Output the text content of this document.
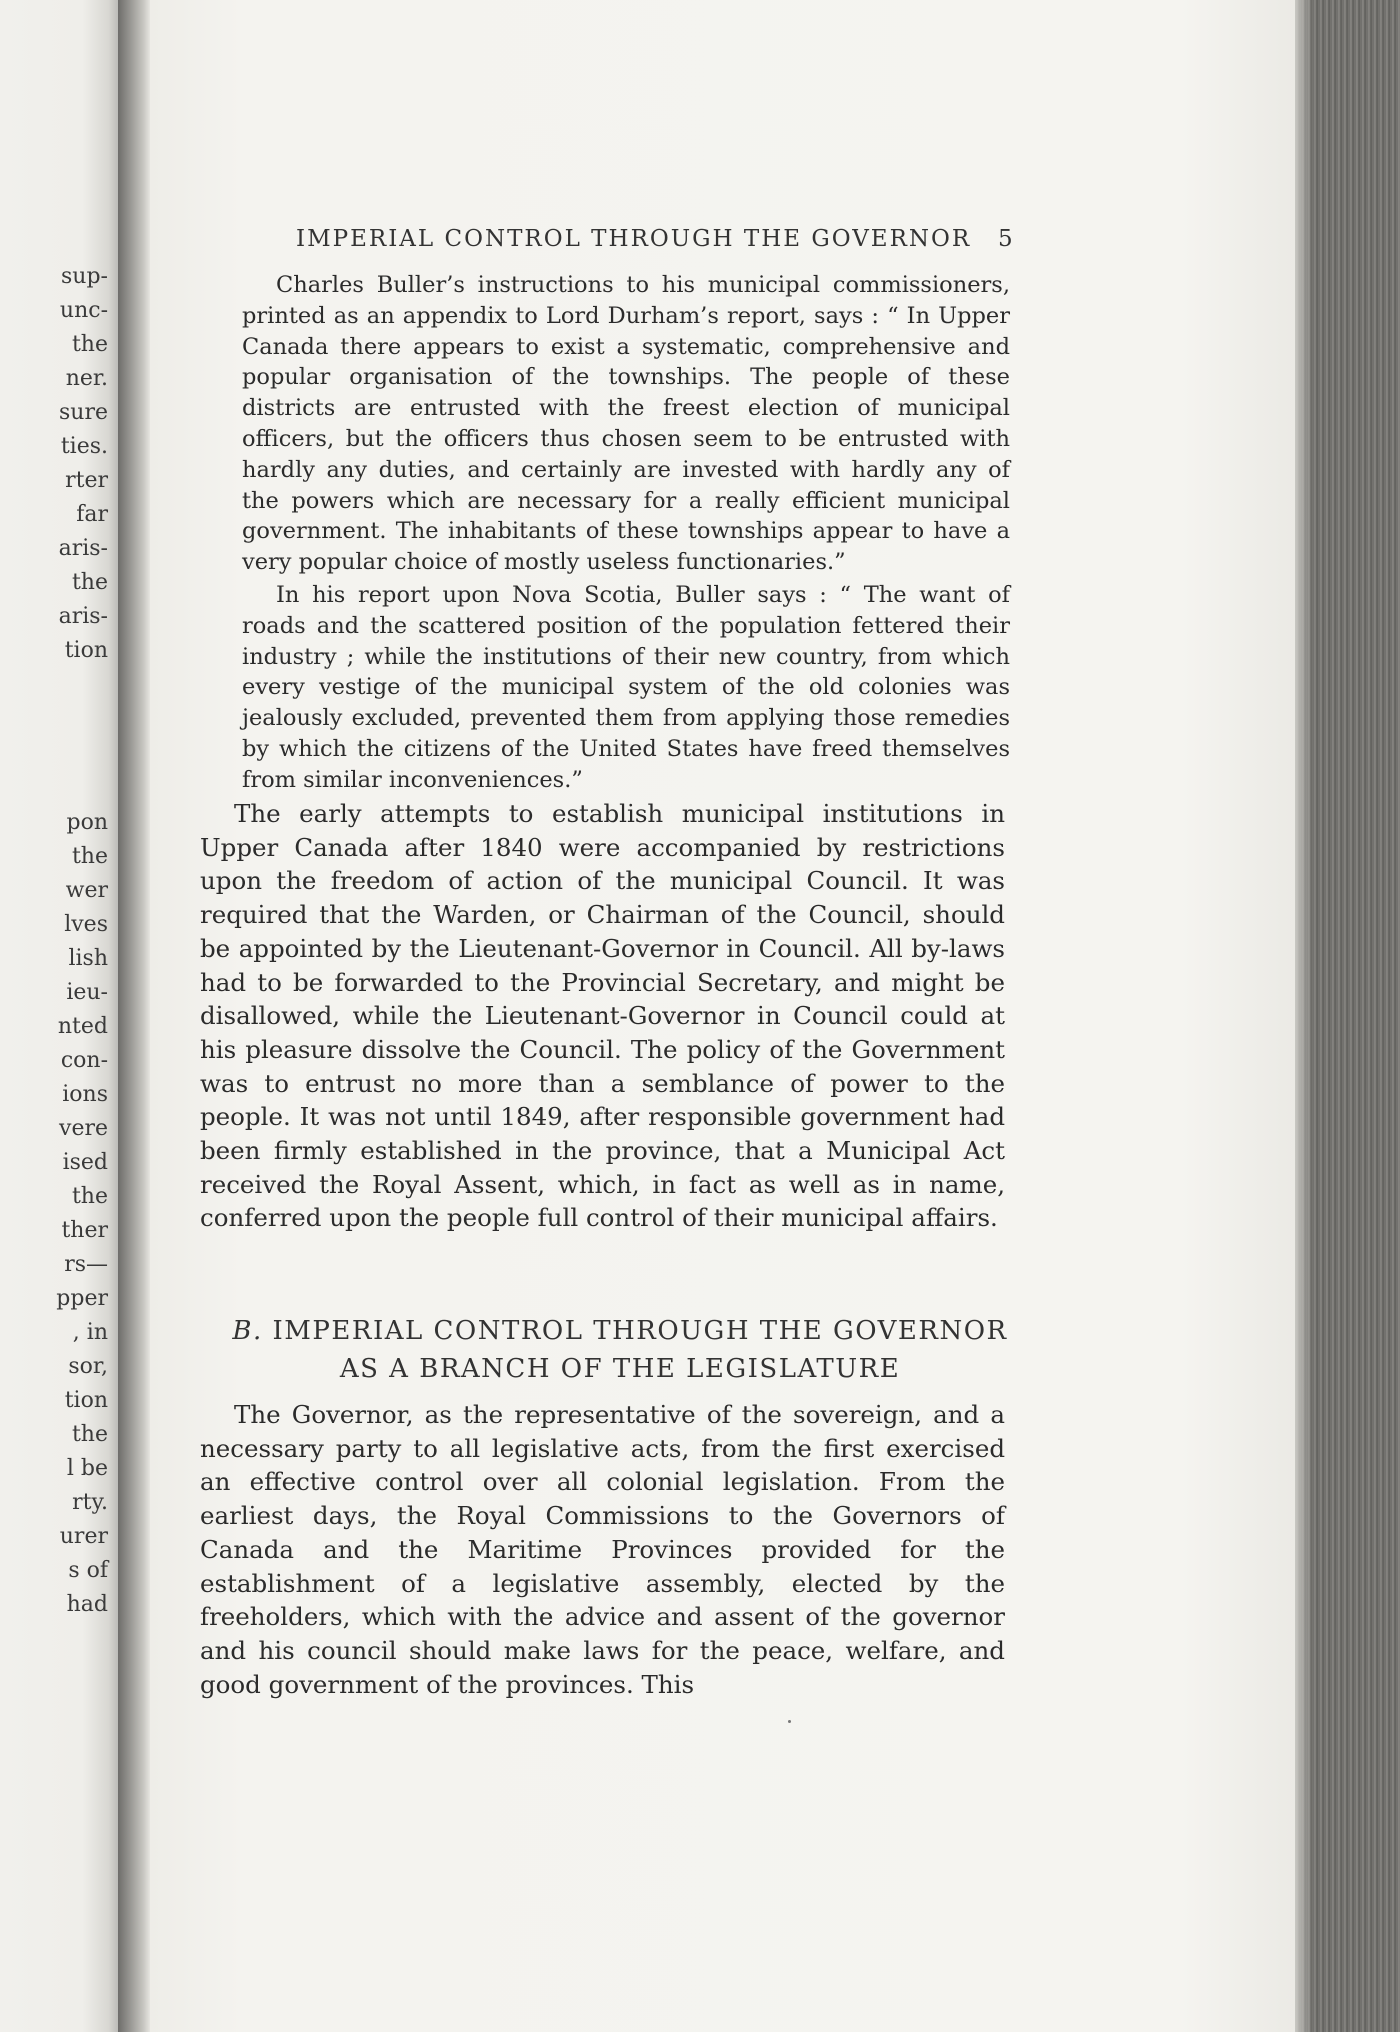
sup-
unc-
the
ner.
sure
ties.
rter
far
aris-
the
aris-
tion
pon
the
wer
lves
lish
ieu-
nted
con-
ions
vere
ised
the
ther
rs—
pper
, in
sor,
tion
the
l be
rty.
urer
s of
had
IMPERIAL CONTROL THROUGH THE GOVERNOR	5
Charles Buller’s instructions to his municipal commissioners, printed as an appendix to Lord Durham’s report, says : “ In Upper Canada there appears to exist a systematic, comprehensive and popular organisation of the townships. The people of these districts are entrusted with the freest election of municipal officers, but the officers thus chosen seem to be entrusted with hardly any duties, and certainly are invested with hardly any of the powers which are necessary for a really efficient municipal government. The inhabitants of these townships appear to have a very popular choice of mostly useless functionaries.”
In his report upon Nova Scotia, Buller says : “ The want of roads and the scattered position of the population fettered their industry ; while the institutions of their new country, from which every vestige of the municipal system of the old colonies was jealously excluded, prevented them from applying those remedies by which the citizens of the United States have freed themselves from similar inconveniences.”
The early attempts to establish municipal institutions in Upper Canada after 1840 were accompanied by restrictions upon the freedom of action of the municipal Council. It was required that the Warden, or Chairman of the Council, should be appointed by the Lieutenant-Governor in Council. All by-laws had to be forwarded to the Provincial Secretary, and might be disallowed, while the Lieutenant-Governor in Council could at his pleasure dissolve the Council. The policy of the Government was to entrust no more than a semblance of power to the people. It was not until 1849, after responsible government had been firmly established in the province, that a Municipal Act received the Royal Assent, which, in fact as well as in name, conferred upon the people full control of their municipal affairs.
B. IMPERIAL CONTROL THROUGH THE GOVERNOR
AS A BRANCH OF THE LEGISLATURE
The Governor, as the representative of the sovereign, and a necessary party to all legislative acts, from the first exercised an effective control over all colonial legislation. From the earliest days, the Royal Commissions to the Governors of Canada and the Maritime Provinces provided for the establishment of a legislative assembly, elected by the freeholders, which with the advice and assent of the governor and his council should make laws for the peace, welfare, and good government of the provinces. This
